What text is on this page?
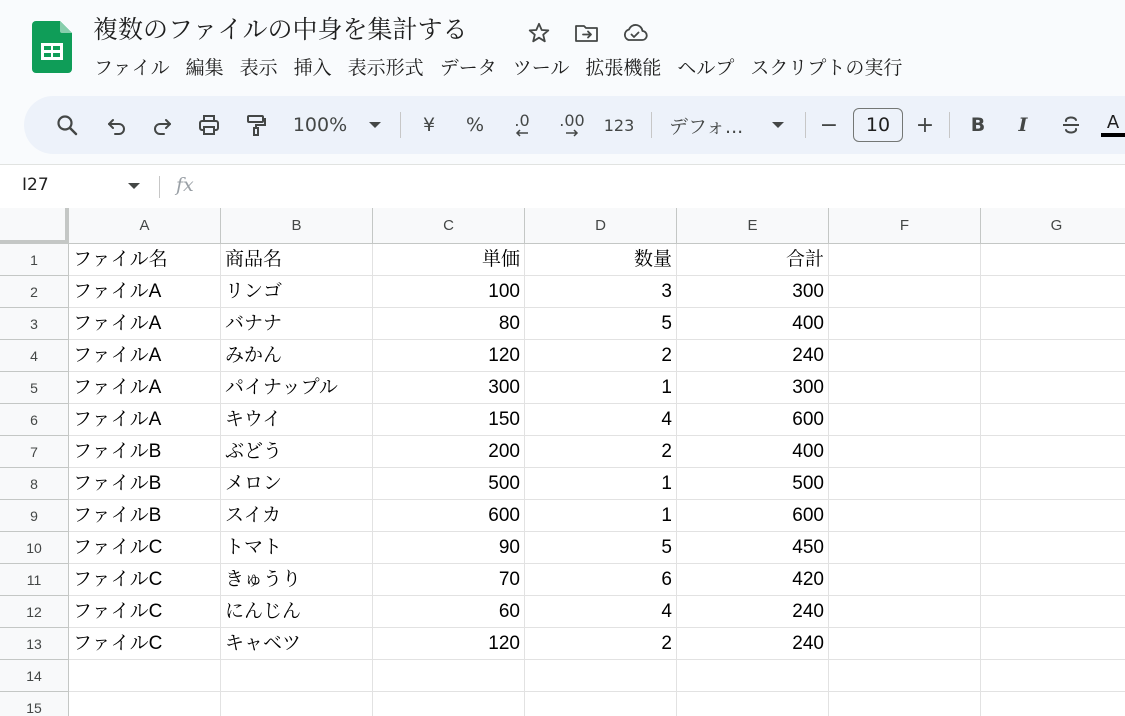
複数のファイルの中身を集計する
ファイル 編集 表示 挿入 表示形式 データ ツール 拡張機能 ヘルプ スクリプトの実行
100%	¥	% .0 .00 123 デフォ...	−	10	+	B	I	A
I27	fx
A	B	C	D	E	F	G
1	ファイル名	商品名	単価	数量	合計
2	ファイルA	リンゴ	100	3	300
3	ファイルA	バナナ	80	5	400
4	ファイルA	みかん	120	2	240
5	ファイルA	パイナップル	300	1	300
6	ファイルA	キウイ	150	4	600
7	ファイルB	ぶどう	200	2	400
8	ファイルB	メロン	500	1	500
9	ファイルB	スイカ	600	1	600
10	ファイルC	トマト	90	5	450
11	ファイルC	きゅうり	70	6	420
12	ファイルC	にんじん	60	4	240
13	ファイルC	キャベツ	120	2	240
14
15
